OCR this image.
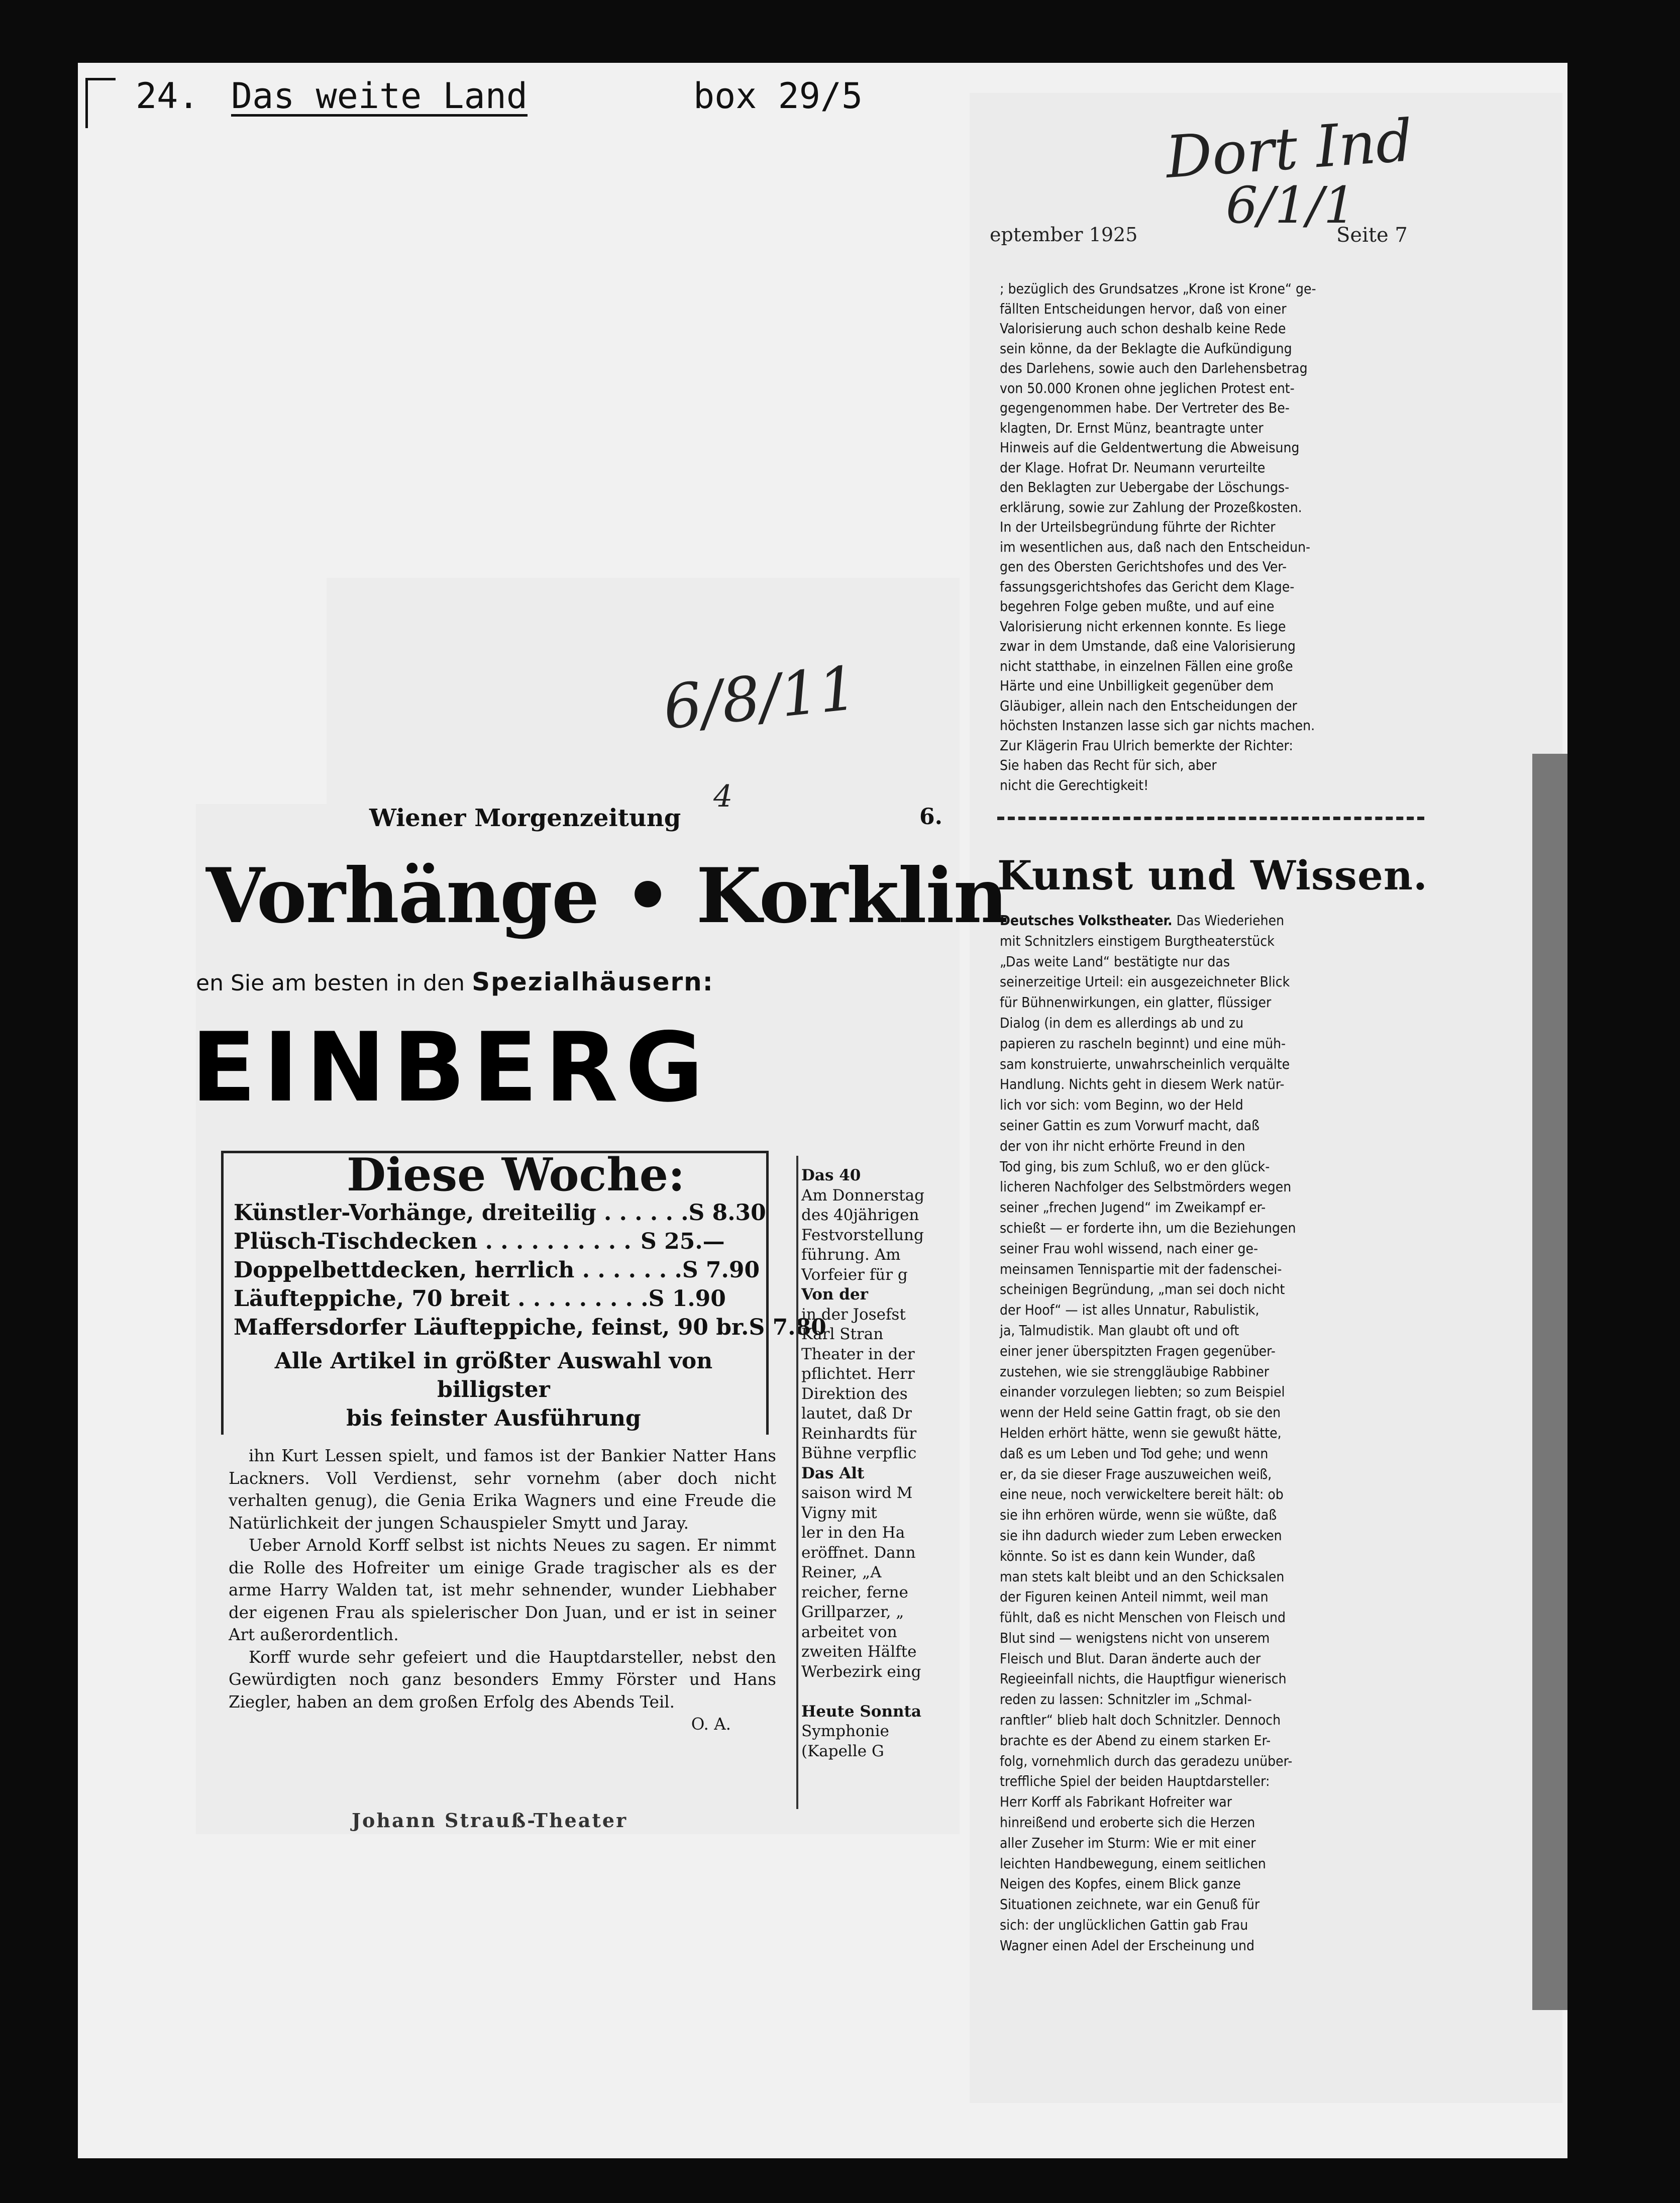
24. Das weite Land	box 29/5
Dort Ind
6/1/1
eptember 1925	Seite 7
; bezüglich des Grundsatzes „Krone ist Krone“ ge-
fällten Entscheidungen hervor, daß von einer
Valorisierung auch schon deshalb keine Rede
sein könne, da der Beklagte die Aufkündigung
des Darlehens, sowie auch den Darlehensbetrag
von 50.000 Kronen ohne jeglichen Protest ent-
gegengenommen habe. Der Vertreter des Be-
klagten, Dr. Ernst Münz, beantragte unter
Hinweis auf die Geldentwertung die Abweisung
der Klage. Hofrat Dr. Neumann verurteilte
den Beklagten zur Uebergabe der Löschungs-
erklärung, sowie zur Zahlung der Prozeßkosten.
In der Urteilsbegründung führte der Richter
im wesentlichen aus, daß nach den Entscheidun-
gen des Obersten Gerichtshofes und des Ver-
fassungsgerichtshofes das Gericht dem Klage-
begehren Folge geben mußte, und auf eine
Valorisierung nicht erkennen konnte. Es liege
zwar in dem Umstande, daß eine Valorisierung
nicht statthabe, in einzelnen Fällen eine große
Härte und eine Unbilligkeit gegenüber dem
Gläubiger, allein nach den Entscheidungen der
höchsten Instanzen lasse sich gar nichts machen.
Zur Klägerin Frau Ulrich bemerkte der Richter:
Sie haben das Recht für sich, aber
nicht die Gerechtigkeit!
Kunst und Wissen.
Deutsches Volkstheater. Das Wiederiehen
mit Schnitzlers einstigem Burgtheaterstück
„Das weite Land“ bestätigte nur das
seinerzeitige Urteil: ein ausgezeichneter Blick
für Bühnenwirkungen, ein glatter, flüssiger
Dialog (in dem es allerdings ab und zu
papieren zu rascheln beginnt) und eine müh-
sam konstruierte, unwahrscheinlich verquälte
Handlung. Nichts geht in diesem Werk natür-
lich vor sich: vom Beginn, wo der Held
seiner Gattin es zum Vorwurf macht, daß
der von ihr nicht erhörte Freund in den
Tod ging, bis zum Schluß, wo er den glück-
licheren Nachfolger des Selbstmörders wegen
seiner „frechen Jugend“ im Zweikampf er-
schießt — er forderte ihn, um die Beziehungen
seiner Frau wohl wissend, nach einer ge-
meinsamen Tennispartie mit der fadenschei-
scheinigen Begründung, „man sei doch nicht
der Hoof“ — ist alles Unnatur, Rabulistik,
ja, Talmudistik. Man glaubt oft und oft
einer jener überspitzten Fragen gegenüber-
zustehen, wie sie strenggläubige Rabbiner
einander vorzulegen liebten; so zum Beispiel
wenn der Held seine Gattin fragt, ob sie den
Helden erhört hätte, wenn sie gewußt hätte,
daß es um Leben und Tod gehe; und wenn
er, da sie dieser Frage auszuweichen weiß,
eine neue, noch verwickeltere bereit hält: ob
sie ihn erhören würde, wenn sie wüßte, daß
sie ihn dadurch wieder zum Leben erwecken
könnte. So ist es dann kein Wunder, daß
man stets kalt bleibt und an den Schicksalen
der Figuren keinen Anteil nimmt, weil man
fühlt, daß es nicht Menschen von Fleisch und
Blut sind — wenigstens nicht von unserem
Fleisch und Blut. Daran änderte auch der
Regieeinfall nichts, die Hauptfigur wienerisch
reden zu lassen: Schnitzler im „Schmal-
ranftler“ blieb halt doch Schnitzler. Dennoch
brachte es der Abend zu einem starken Er-
folg, vornehmlich durch das geradezu unüber-
treffliche Spiel der beiden Hauptdarsteller:
Herr Korff als Fabrikant Hofreiter war
hinreißend und eroberte sich die Herzen
aller Zuseher im Sturm: Wie er mit einer
leichten Handbewegung, einem seitlichen
Neigen des Kopfes, einem Blick ganze
Situationen zeichnete, war ein Genuß für
sich: der unglücklichen Gattin gab Frau
Wagner einen Adel der Erscheinung und
6/8/11
4
Wiener Morgenzeitung	6.
Vorhänge • Korklin
en Sie am besten in den Spezialhäusern:
EINBERG
Diese Woche:
Künstler-Vorhänge, dreiteilig . . . . . . S 8.30
Plüsch-Tischdecken . . . . . . . . . . S 25.—
Doppelbettdecken, herrlich . . . . . . . S 7.90
Läufteppiche, 70 breit . . . . . . . . . S 1.90
Maffersdorfer Läufteppiche, feinst, 90 br. S 7.80
Alle Artikel in größter Auswahl von billigster
bis feinster Ausführung
Das 40
Am Donnerstag
des 40jährigen
Festvorstellung
führung. Am
Vorfeier für g
Von der
in der Josefst
Karl Stran
Theater in der
pflichtet. Herr
Direktion des
lautet, daß Dr
Reinhardts für
Bühne verpflic
Das Alt
saison wird M
Vigny mit
ler in den Ha
eröffnet. Dann
Reiner, „A
reicher, ferne
Grillparzer, „
arbeitet von
zweiten Hälfte
Werbezirk eing

Heute Sonnta
Symphonie
(Kapelle G

ihn Kurt Lessen spielt, und famos ist der Bankier Natter Hans Lackners. Voll Verdienst, sehr vornehm (aber doch nicht verhalten genug), die Genia Erika Wagners und eine Freude die Natürlichkeit der jungen Schauspieler Smytt und Jaray.

Ueber Arnold Korff selbst ist nichts Neues zu sagen. Er nimmt die Rolle des Hofreiter um einige Grade tragischer als es der arme Harry Walden tat, ist mehr sehnender, wunder Liebhaber der eigenen Frau als spielerischer Don Juan, und er ist in seiner Art außerordentlich.

Korff wurde sehr gefeiert und die Hauptdarsteller, nebst den Gewürdigten noch ganz besonders Emmy Förster und Hans Ziegler, haben an dem großen Erfolg des Abends Teil.

O. A.

Johann Strauß-Theater
